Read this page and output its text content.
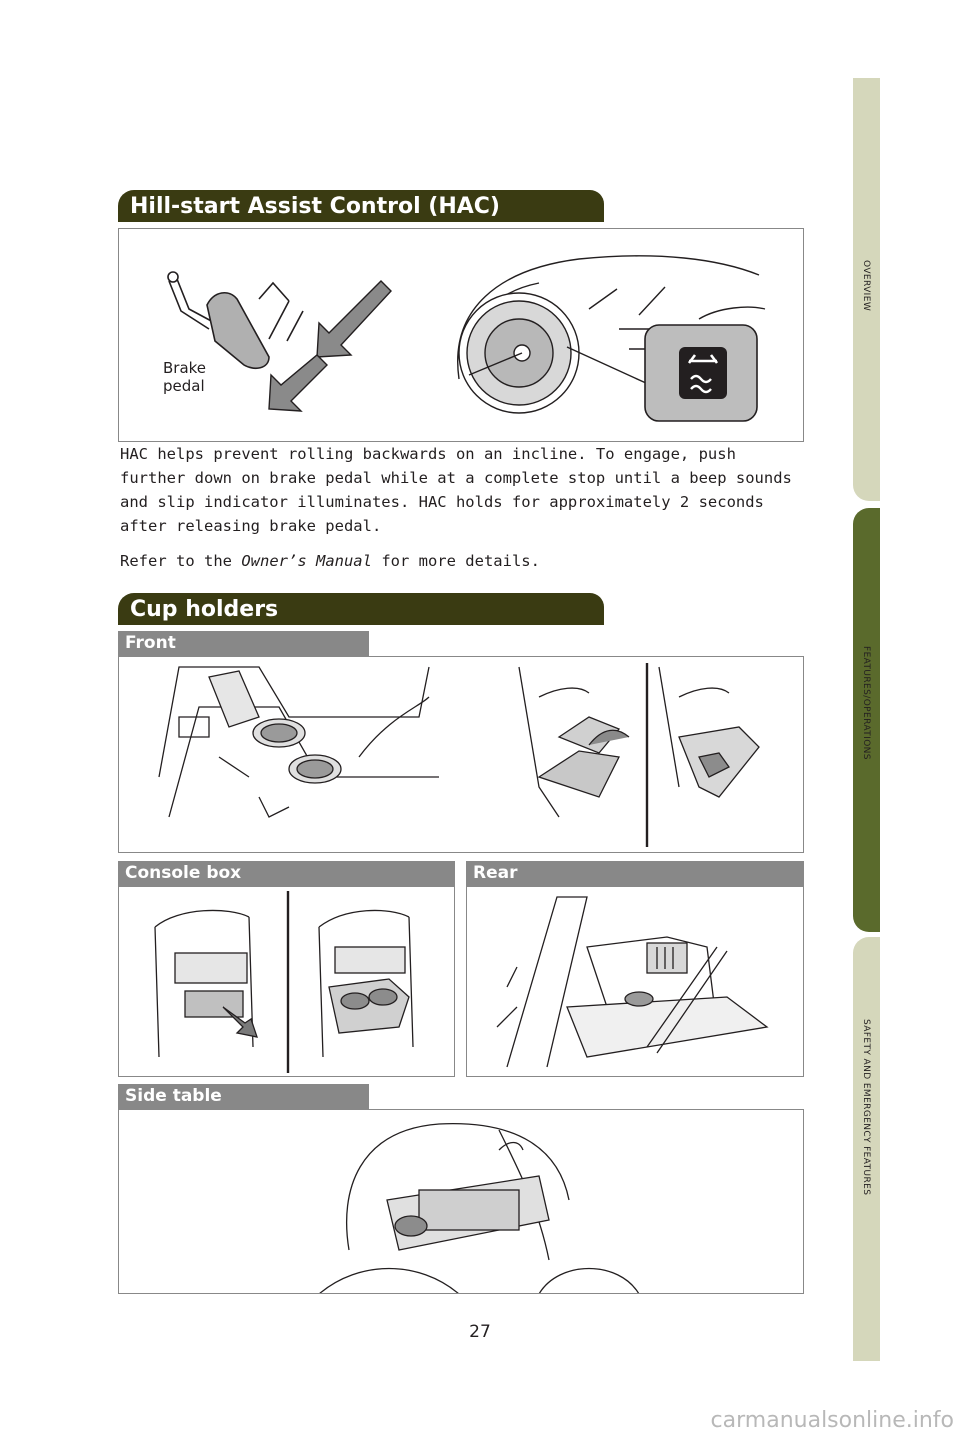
OVERVIEW
FEATURES/OPERATIONS
SAFETY AND EMERGENCY FEATURES
Hill-start Assist Control (HAC)
Brake
pedal
HAC helps prevent rolling backwards on an incline. To engage, push further down on brake pedal while at a complete stop until a beep sounds and slip indicator illuminates. HAC holds for approximately 2 seconds after releasing brake pedal.
Refer to the Owner’s Manual for more details.
Cup holders
Front
Console box	Rear
Side table
27
carmanualsonline.info
